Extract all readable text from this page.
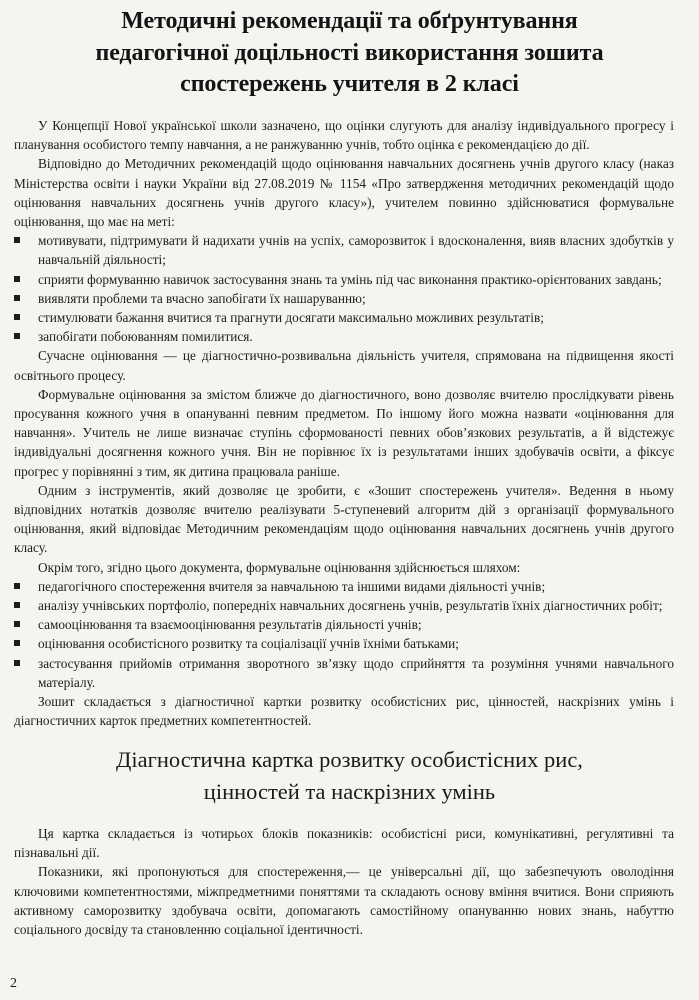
Методичні рекомендації та обґрунтування
педагогічної доцільності використання зошита
спостережень учителя в 2 класі

У Концепції Нової української школи зазначено, що оцінки слугують для аналізу індивідуального прогресу і планування особистого темпу навчання, а не ранжуванню учнів, тобто оцінка є рекомендацією до дії.

Відповідно до Методичних рекомендацій щодо оцінювання навчальних досягнень учнів другого класу (наказ Міністерства освіти і науки України від 27.08.2019 № 1154 «Про затвердження методичних рекомендацій щодо оцінювання навчальних досягнень учнів другого класу»), учителем повинно здійснюватися формувальне оцінювання, що має на меті:

мотивувати, підтримувати й надихати учнів на успіх, саморозвиток і вдосконалення, вияв власних здобутків у навчальній діяльності;
сприяти формуванню навичок застосування знань та умінь під час виконання практико-орієнтованих завдань;
виявляти проблеми та вчасно запобігати їх нашаруванню;
стимулювати бажання вчитися та прагнути досягати максимально можливих результатів;
запобігати побоюванням помилитися.

Сучасне оцінювання — це діагностично-розвивальна діяльність учителя, спрямована на підвищення якості освітнього процесу.

Формувальне оцінювання за змістом ближче до діагностичного, воно дозволяє вчителю прослідкувати рівень просування кожного учня в опануванні певним предметом. По іншому його можна назвати «оцінювання для навчання». Учитель не лише визначає ступінь сформованості певних обов’язкових результатів, а й відстежує індивідуальні досягнення кожного учня. Він не порівнює їх із результатами інших здобувачів освіти, а фіксує прогрес у порівнянні з тим, як дитина працювала раніше.

Одним з інструментів, який дозволяє це зробити, є «Зошит спостережень учителя». Ведення в ньому відповідних нотатків дозволяє вчителю реалізувати 5-ступеневий алгоритм дій з організації формувального оцінювання, який відповідає Методичним рекомендаціям щодо оцінювання навчальних досягнень учнів другого класу.

Окрім того, згідно цього документа, формувальне оцінювання здійснюється шляхом:

педагогічного спостереження вчителя за навчальною та іншими видами діяльності учнів;
аналізу учнівських портфоліо, попередніх навчальних досягнень учнів, результатів їхніх діагностичних робіт;
самооцінювання та взаємооцінювання результатів діяльності учнів;
оцінювання особистісного розвитку та соціалізації учнів їхніми батьками;
застосування прийомів отримання зворотного зв’язку щодо сприйняття та розуміння учнями навчального матеріалу.

Зошит складається з діагностичної картки розвитку особистісних рис, цінностей, наскрізних умінь і діагностичних карток предметних компетентностей.

Діагностична картка розвитку особистісних рис,
цінностей та наскрізних умінь

Ця картка складається із чотирьох блоків показників: особистісні риси, комунікативні, регулятивні та пізнавальні дії.

Показники, які пропонуються для спостереження,— це універсальні дії, що забезпечують оволодіння ключовими компетентностями, міжпредметними поняттями та складають основу вміння вчитися. Вони сприяють активному саморозвитку здобувача освіти, допомагають самостійному опануванню нових знань, набуттю соціального досвіду та становленню соціальної ідентичності.

2
